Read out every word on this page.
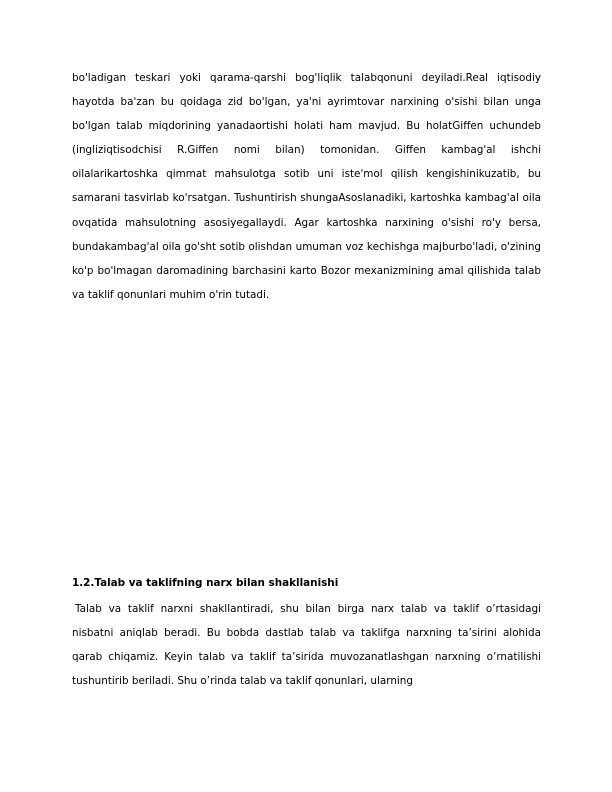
bo'ladigan teskari yoki qarama-qarshi bog'liqlik talabqonuni deyiladi.Real iqtisodiy hayotda ba'zan bu qoidaga zid bo'lgan, ya'ni ayrimtovar narxining o'sishi bilan unga bo'lgan talab miqdorining yanadaortishi holati ham mavjud. Bu holatGiffen uchundeb (ingliziqtisodchisi R.Giffen nomi bilan) tomonidan. Giffen kambag'al ishchi oilalarikartoshka qimmat mahsulotga sotib uni iste'mol qilish kengishinikuzatib, bu samarani tasvirlab ko'rsatgan. Tushuntirish shungaAsoslanadiki, kartoshka kambag'al oila ovqatida mahsulotning asosiyegallaydi. Agar kartoshka narxining o'sishi ro'y bersa, bundakambag'al oila go'sht sotib olishdan umuman voz kechishga majburbo'ladi, o'zining ko'p bo'lmagan daromadining barchasini karto Bozor mexanizmining amal qilishida talab va taklif qonunlari muhim o'rin tutadi.

1.2.Talab va taklifning narx bilan shakllanishi

Talab va taklif narxni shakllantiradi, shu bilan birga narx talab va taklif o’rtasidagi nisbatni aniqlab beradi. Bu bobda dastlab talab va taklifga narxning ta’sirini alohida qarab chiqamiz. Keyin talab va taklif ta’sirida muvozanatlashgan narxning o’rnatilishi tushuntirib beriladi. Shu o’rinda talab va taklif qonunlari, ularning
